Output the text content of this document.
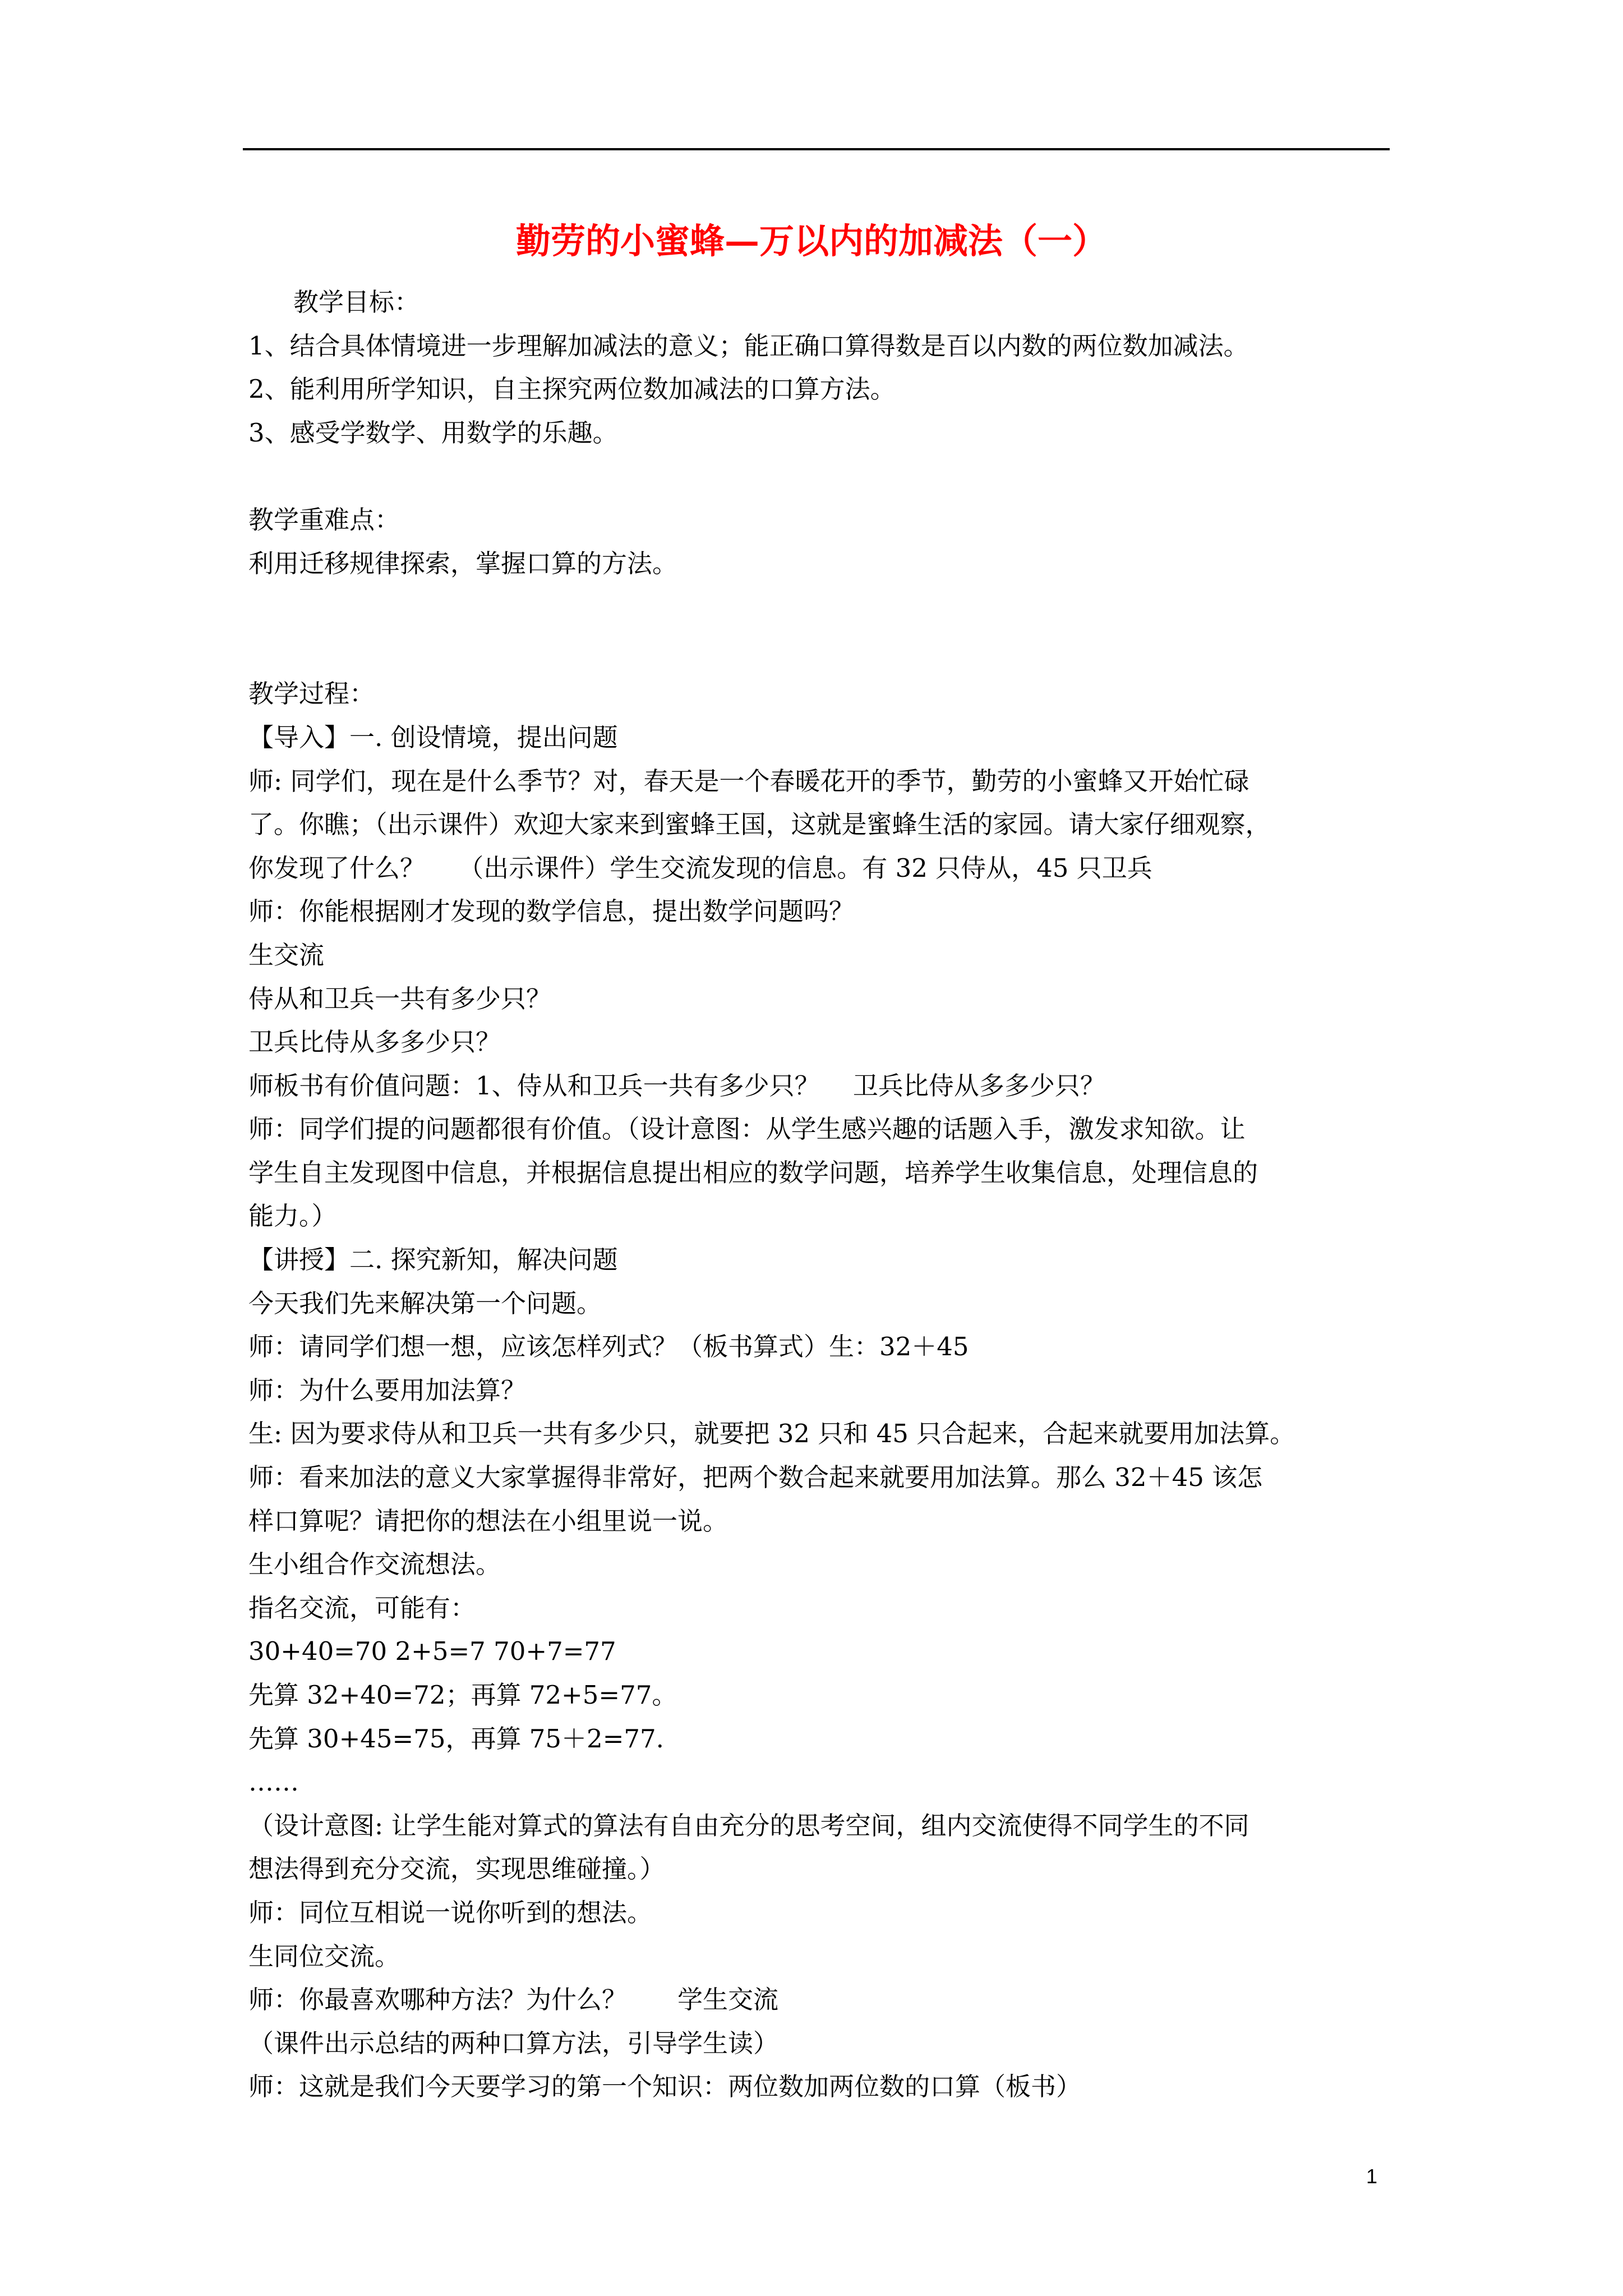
勤劳的小蜜蜂—万以内的加减法（一）
教学目标：
1、结合具体情境进一步理解加减法的意义；能正确口算得数是百以内数的两位数加减法。
2、能利用所学知识，自主探究两位数加减法的口算方法。
3、感受学数学、用数学的乐趣。
教学重难点：
利用迁移规律探索，掌握口算的方法。
教学过程：
【导入】一. 创设情境，提出问题
师: 同学们，现在是什么季节？对，春天是一个春暖花开的季节，勤劳的小蜜蜂又开始忙碌
了。你瞧；（出示课件）欢迎大家来到蜜蜂王国，这就是蜜蜂生活的家园。请大家仔细观察，
你发现了什么？　 （出示课件）学生交流发现的信息。有 32 只侍从，45 只卫兵
师：你能根据刚才发现的数学信息，提出数学问题吗？
生交流
侍从和卫兵一共有多少只？
卫兵比侍从多多少只？
师板书有价值问题：1、侍从和卫兵一共有多少只？　 卫兵比侍从多多少只？
师：同学们提的问题都很有价值。（设计意图：从学生感兴趣的话题入手，激发求知欲。让
学生自主发现图中信息，并根据信息提出相应的数学问题，培养学生收集信息，处理信息的
能力。）
【讲授】二. 探究新知，解决问题
今天我们先来解决第一个问题。
师：请同学们想一想，应该怎样列式？（板书算式）生：32＋45
师：为什么要用加法算？
生: 因为要求侍从和卫兵一共有多少只，就要把 32 只和 45 只合起来，合起来就要用加法算。
师：看来加法的意义大家掌握得非常好，把两个数合起来就要用加法算。那么 32＋45 该怎
样口算呢？请把你的想法在小组里说一说。
生小组合作交流想法。
指名交流，可能有：
30+40=70 2+5=7 70+7=77
先算 32+40=72；再算 72+5=77。
先算 30+45=75，再算 75＋2=77.
……
（设计意图: 让学生能对算式的算法有自由充分的思考空间，组内交流使得不同学生的不同
想法得到充分交流，实现思维碰撞。）
师：同位互相说一说你听到的想法。
生同位交流。
师：你最喜欢哪种方法？为什么？　　学生交流
（课件出示总结的两种口算方法，引导学生读）
师：这就是我们今天要学习的第一个知识：两位数加两位数的口算（板书）
1
